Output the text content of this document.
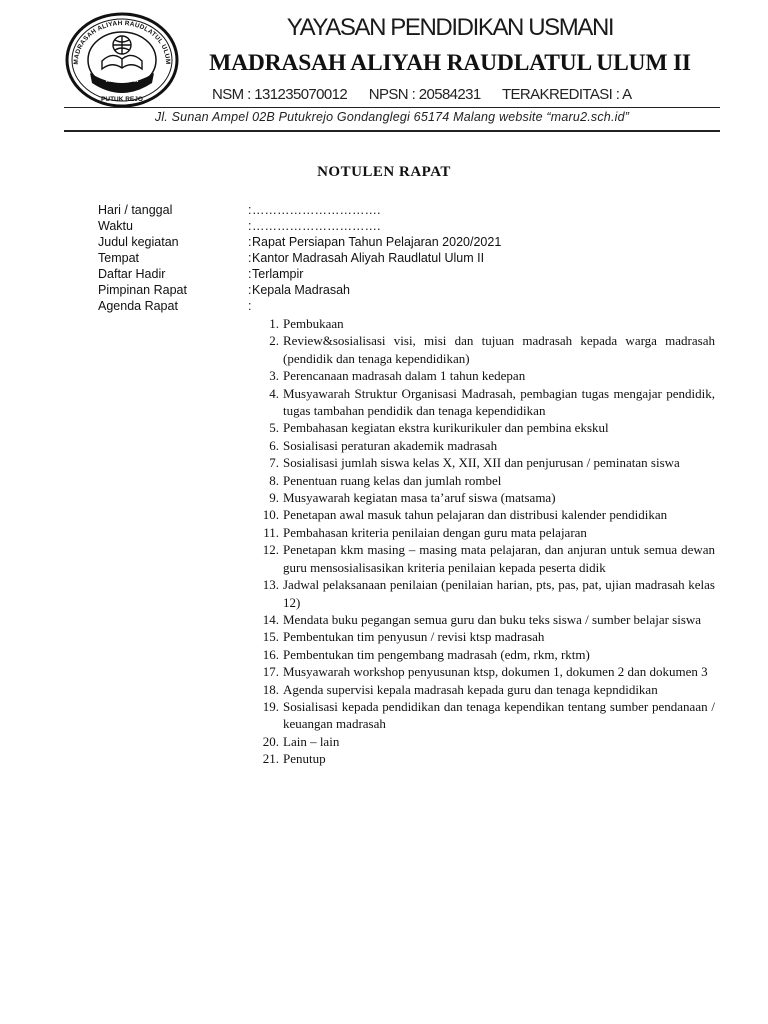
MA RU II
MADRASAH ALIYAH RAUDLATUL ULUM
PUTUK REJO
YAYASAN PENDIDIKAN USMANI
MADRASAH ALIYAH RAUDLATUL ULUM II
NSM : 131235070012 NPSN : 20584231 TERAKREDITASI : A
Jl. Sunan Ampel 02B Putukrejo Gondanglegi 65174 Malang website “maru2.sch.id”
NOTULEN RAPAT
Hari / tanggal	: ………………………….
Waktu	: ………………………….
Judul kegiatan	: Rapat Persiapan Tahun Pelajaran 2020/2021
Tempat	: Kantor Madrasah Aliyah Raudlatul Ulum II
Daftar Hadir	: Terlampir
Pimpinan Rapat	: Kepala Madrasah
Agenda Rapat	:
1. Pembukaan
2. Review&sosialisasi visi, misi dan tujuan madrasah kepada warga madrasah (pendidik dan tenaga kependidikan)
3. Perencanaan madrasah dalam 1 tahun kedepan
4. Musyawarah Struktur Organisasi Madrasah, pembagian tugas mengajar pendidik, tugas tambahan pendidik dan tenaga kependidikan
5. Pembahasan kegiatan ekstra kurikurikuler dan pembina ekskul
6. Sosialisasi peraturan akademik madrasah
7. Sosialisasi jumlah siswa kelas X, XII, XII dan penjurusan / peminatan siswa
8. Penentuan ruang kelas dan jumlah rombel
9. Musyawarah kegiatan masa ta’aruf siswa (matsama)
10. Penetapan awal masuk tahun pelajaran dan distribusi kalender pendidikan
11. Pembahasan kriteria penilaian dengan guru mata pelajaran
12. Penetapan kkm masing – masing mata pelajaran, dan anjuran untuk semua dewan guru mensosialisasikan kriteria penilaian kepada peserta didik
13. Jadwal pelaksanaan penilaian (penilaian harian, pts, pas, pat, ujian madrasah kelas 12)
14. Mendata buku pegangan semua guru dan buku teks siswa / sumber belajar siswa
15. Pembentukan tim penyusun / revisi ktsp madrasah
16. Pembentukan tim pengembang madrasah (edm, rkm, rktm)
17. Musyawarah workshop penyusunan ktsp, dokumen 1, dokumen 2 dan dokumen 3
18. Agenda supervisi kepala madrasah kepada guru dan tenaga kepndidikan
19. Sosialisasi kepada pendidikan dan tenaga kependikan tentang sumber pendanaan / keuangan madrasah
20. Lain – lain
21. Penutup
